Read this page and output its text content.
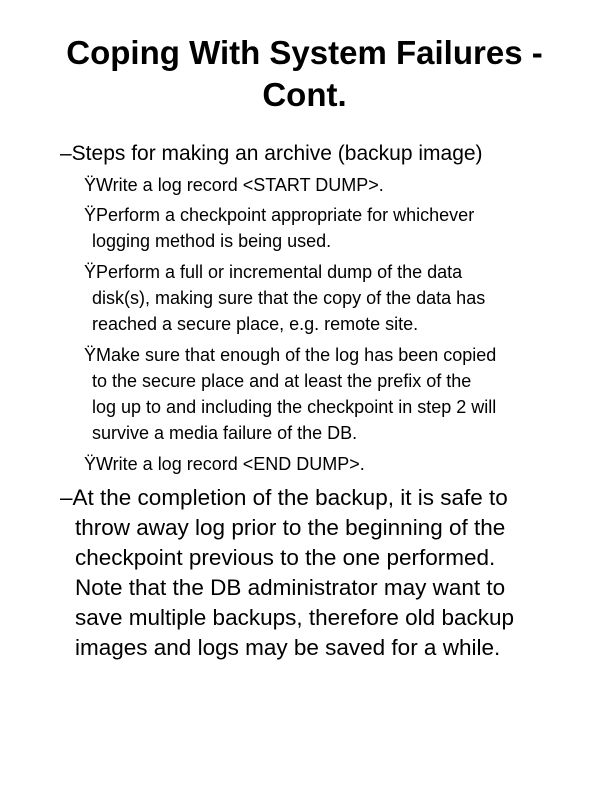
Coping With System Failures -
Cont.

–Steps for making an archive (backup image)

ŸWrite a log record <START DUMP>.

ŸPerform a checkpoint appropriate for whichever
logging method is being used.

ŸPerform a full or incremental dump of the data
disk(s), making sure that the copy of the data has
reached a secure place, e.g. remote site.

ŸMake sure that enough of the log has been copied
to the secure place and at least the prefix of the
log up to and including the checkpoint in step 2 will
survive a media failure of the DB.

ŸWrite a log record <END DUMP>.

–At the completion of the backup, it is safe to
throw away log prior to the beginning of the
checkpoint previous to the one performed.
Note that the DB administrator may want to
save multiple backups, therefore old backup
images and logs may be saved for a while.
